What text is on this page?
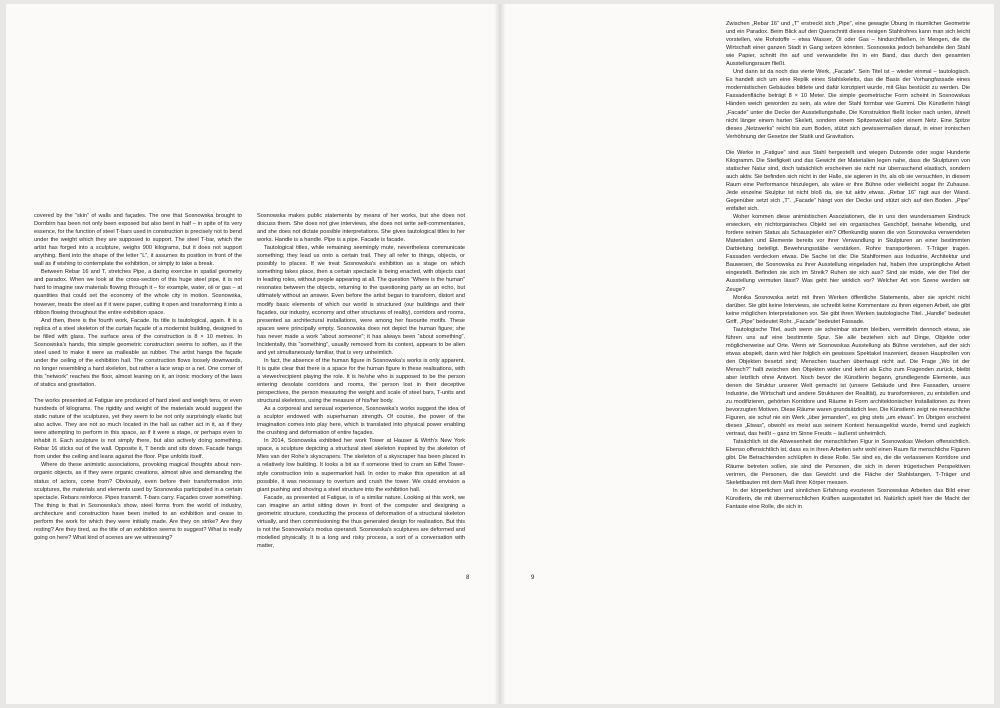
covered by the “skin” of walls and façades. The one that Sosnowska brought to Dornbirn has been not only been exposed but also bent in half – in spite of its very essence, for the function of steel T-bars used in construction is precisely not to bend under the weight which they are supposed to support. The steel T-bar, which the artist has forged into a sculpture, weighs 900 kilograms, but it does not support anything. Bent into the shape of the letter “L”, it assumes its position in front of the wall as if wishing to contemplate the exhibition, or simply to take a break.

Between Rebar 16 and T, stretches Pipe, a daring exercise in spatial geometry and paradox. When we look at the cross-section of this huge steel pipe, it is not hard to imagine raw materials flowing through it – for example, water, oil or gas – at quantities that could set the economy of the whole city in motion. Sosnowska, however, treats the steel as if it were paper, cutting it open and transforming it into a ribbon flowing throughout the entire exhibition space.

And then, there is the fourth work, Facade. Its title is tautological, again. It is a replica of a steel skeleton of the curtain façade of a modernist building, designed to be filled with glass. The surface area of the construction is 8 × 10 metres. In Sosnowska's hands, this simple geometric construction seems to soften, as if the steel used to make it were as malleable as rubber. The artist hangs the façade under the ceiling of the exhibition hall. The construction flows loosely downwards, no longer resembling a hard skeleton, but rather a lace wrap or a net. One corner of this “network” reaches the floor, almost leaning on it, an ironic mockery of the laws of statics and gravitation.

The works presented at Fatigue are produced of hard steel and weigh tens, or even hundreds of kilograms. The rigidity and weight of the materials would suggest the static nature of the sculptures, yet they seem to be not only surprisingly elastic but also active. They are not so much located in the hall as rather act in it, as if they were attempting to perform in this space, as if it were a stage, or perhaps even to inhabit it. Each sculpture is not simply there, but also actively doing something. Rebar 16 sticks out of the wall. Opposite it, T bends and sits down. Facade hangs from under the ceiling and leans against the floor. Pipe unfolds itself.

Where do these animistic associations, provoking magical thoughts about non-organic objects, as if they were organic creations, almost alive and demanding the status of actors, come from? Obviously, even before their transformation into sculptures, the materials and elements used by Sosnowska participated in a certain spectacle. Rebars reinforce. Pipes transmit. T-bars carry. Façades cover something. The thing is that in Sosnowska's show, steel forms from the world of industry, architecture and construction have been invited to an exhibition and cease to perform the work for which they were initially made. Are they on strike? Are they resting? Are they tired, as the title of an exhibition seems to suggest? What is really going on here? What kind of scenes are we witnessing?

Sosnowska makes public statements by means of her works, but she does not discuss them. She does not give interviews, she does not write self-commentaries, and she does not dictate possible interpretations. She gives tautological titles to her works. Handle is a handle. Pipe is a pipe. Facade is facade.

Tautological titles, while remaining seemingly mute, nevertheless communicate something; they lead us onto a certain trail. They all refer to things, objects, or possibly to places. If we treat Sosnowska's exhibition as a stage on which something takes place, then a certain spectacle is being enacted, with objects cast in leading roles, without people appearing at all. The question “Where is the human” resonates between the objects, returning to the questioning party as an echo, but ultimately without an answer. Even before the artist began to transform, distort and modify basic elements of which our world is structured (our buildings and their façades, our industry, economy and other structures of reality), corridors and rooms, presented as architectural installations, were among her favourite motifs. These spaces were principally empty. Sosnowska does not depict the human figure; she has never made a work “about someone”; it has always been “about something”. Incidentally, this “something”, usually removed from its context, appears to be alien and yet simultaneously familiar, that is very unheimlich.

In fact, the absence of the human figure in Sosnowska's works is only apparent. It is quite clear that there is a space for the human figure in these realisations, with a viewer/recipient playing the role. It is he/she who is supposed to be the person entering desolate corridors and rooms, the person lost in their deceptive perspectives, the person measuring the weight and scale of steel bars, T-units and structural skeletons, using the measure of his/her body.

As a corporeal and sensual experience, Sosnowska's works suggest the idea of a sculptor endowed with superhuman strength. Of course, the power of the imagination comes into play here, which is translated into physical power enabling the crushing and deformation of entire façades.

In 2014, Sosnowska exhibited her work Tower at Hauser & Wirth's New York space, a sculpture depicting a structural steel skeleton inspired by the skeleton of Mies van der Rohe's skyscrapers. The skeleton of a skyscraper has been placed in a relatively low building. It looks a bit as if someone tried to cram an Eiffel Tower-style construction into a supermarket hall. In order to make this operation at all possible, it was necessary to overturn and crush the tower. We could envision a giant pushing and shoving a steel structure into the exhibition hall.

Facade, as presented at Fatigue, is of a similar nature. Looking at this work, we can imagine an artist sitting down in front of the computer and designing a geometric structure, conducting the process of deformation of a structural skeleton virtually, and then commissioning the thus generated design for realisation. But this is not the Sosnowska's modus operandi. Sosnowska's sculptures are deformed and modelled physically. It is a long and risky process, a sort of a conversation with matter,

Zwischen „Rebar 16“ und „T“ erstreckt sich „Pipe“, eine gewagte Übung in räumlicher Geometrie und ein Paradox. Beim Blick auf den Querschnitt dieses riesigen Stahlrohres kann man sich leicht vorstellen, wie Rohstoffe – etwa Wasser, Öl oder Gas – hindurchfließen, in Mengen, die die Wirtschaft einer ganzen Stadt in Gang setzen könnten. Sosnowska jedoch behandelte den Stahl wie Papier, schnitt ihn auf und verwandelte ihn in ein Band, das durch den gesamten Ausstellungsraum fließt.

Und dann ist da noch das vierte Werk, „Facade“. Sein Titel ist – wieder einmal – tautologisch. Es handelt sich um eine Replik eines Stahlskeletts, das die Basis der Vorhangfassade eines modernistischen Gebäudes bildete und dafür konzipiert wurde, mit Glas bestückt zu werden. Die Fassadenfläche beträgt 8 × 10 Meter. Die simple geometrische Form scheint in Sosnowskas Händen weich geworden zu sein, als wäre der Stahl formbar wie Gummi. Die Künstlerin hängt „Facade“ unter die Decke der Ausstellungshalle. Die Konstruktion fließt locker nach unten, ähnelt nicht länger einem harten Skelett, sondern einem Spitzenwickel oder einem Netz. Eine Spitze dieses „Netzwerks“ reicht bis zum Boden, stützt sich gewissermaßen darauf, in einer ironischen Verhöhnung der Gesetze der Statik und Gravitation.

Die Werke in „Fatigue“ sind aus Stahl hergestellt und wiegen Dutzende oder sogar Hunderte Kilogramm. Die Steifigkeit und das Gewicht der Materialien legen nahe, dass die Skulpturen von statischer Natur sind, doch tatsächlich erscheinen sie nicht nur überraschend elastisch, sondern auch aktiv. Sie befinden sich nicht in der Halle, sie agieren in ihr, als ob sie versuchten, in diesem Raum eine Performance hinzulegen, als wäre er ihre Bühne oder vielleicht sogar ihr Zuhause. Jede einzelne Skulptur ist nicht bloß da, sie tut aktiv etwas. „Rebar 16“ ragt aus der Wand. Gegenüber setzt sich „T“. „Facade“ hängt von der Decke und stützt sich auf den Boden. „Pipe“ entfaltet sich.

Woher kommen diese animistischen Assoziationen, die in uns den wundersamen Eindruck erwecken, ein nichtorganisches Objekt sei ein organisches Geschöpf, beinahe lebendig, und fordere seinen Status als Schauspieler ein? Offenkundig waren die von Sosnowska verwendeten Materialien und Elemente bereits vor ihrer Verwandlung in Skulpturen an einer bestimmten Darbietung beteiligt. Bewehrungsstäbe verstärken. Rohre transportieren. T-Träger tragen. Fassaden verdecken etwas. Die Sache ist die: Die Stahlformen aus Industrie, Architektur und Bauwesen, die Sosnowska zu ihrer Ausstellung eingeladen hat, haben ihre ursprüngliche Arbeit eingestellt. Befinden sie sich im Streik? Ruhen sie sich aus? Sind sie müde, wie der Titel der Ausstellung vermuten lässt? Was geht hier wirklich vor? Welcher Art von Szene werden wir Zeuge?

Monika Sosnowska setzt mit ihren Werken öffentliche Statements, aber sie spricht nicht darüber. Sie gibt keine Interviews, sie schreibt keine Kommentare zu ihren eigenen Arbeit, sie gibt keine möglichen Interpretationen vor. Sie gibt ihren Werken tautologische Titel. „Handle“ bedeutet Griff. „Pipe“ bedeutet Rohr. „Facade“ bedeutet Fassade.

Tautologische Titel, auch wenn sie scheinbar stumm bleiben, vermitteln dennoch etwas, sie führen uns auf eine bestimmte Spur. Sie alle beziehen sich auf Dinge, Objekte oder möglicherweise auf Orte. Wenn wir Sosnowskas Ausstellung als Bühne verstehen, auf der sich etwas abspielt, dann wird hier folglich ein gewisses Spektakel inszeniert, dessen Hauptrollen von den Objekten besetzt sind; Menschen tauchen überhaupt nicht auf. Die Frage „Wo ist der Mensch?“ hallt zwischen den Objekten wider und kehrt als Echo zum Fragenden zurück, bleibt aber letztlich ohne Antwort. Noch bevor die Künstlerin begann, grundlegende Elemente, aus denen die Struktur unserer Welt gemacht ist (unsere Gebäude und ihre Fassaden, unsere Industrie, die Wirtschaft und andere Strukturen der Realität), zu transformieren, zu entstellen und zu modifizieren, gehörten Korridore und Räume in Form architektonischer Installationen zu ihren bevorzugten Motiven. Diese Räume waren grundsätzlich leer. Die Künstlerin zeigt nie menschliche Figuren, sie schuf nie ein Werk „über jemanden“, es ging stets „um etwas“. Im Übrigen erscheint dieses „Etwas“, obwohl es meist aus seinem Kontext herausgelöst wurde, fremd und zugleich vertraut, das heißt – ganz im Sinne Freuds – äußerst unheimlich.

Tatsächlich ist die Abwesenheit der menschlichen Figur in Sosnowskas Werken offensichtlich. Ebenso offensichtlich ist, dass es in ihren Arbeiten sehr wohl einen Raum für menschliche Figuren gibt. Die Betrachtenden schlüpfen in diese Rolle. Sie sind es, die die verlassenen Korridore und Räume betreten sollen, sie sind die Personen, die sich in deren trügerischen Perspektiven verirren, die Personen, die das Gewicht und die Fläche der Stahlstangen, T-Träger und Skelettbauten mit dem Maß ihrer Körper messen.

In der körperlichen und sinnlichen Erfahrung evozieren Sosnowskas Arbeiten das Bild einer Künstlerin, die mit übermenschlichen Kräften ausgestattet ist. Natürlich spielt hier die Macht der Fantasie eine Rolle, die sich in

8	9
